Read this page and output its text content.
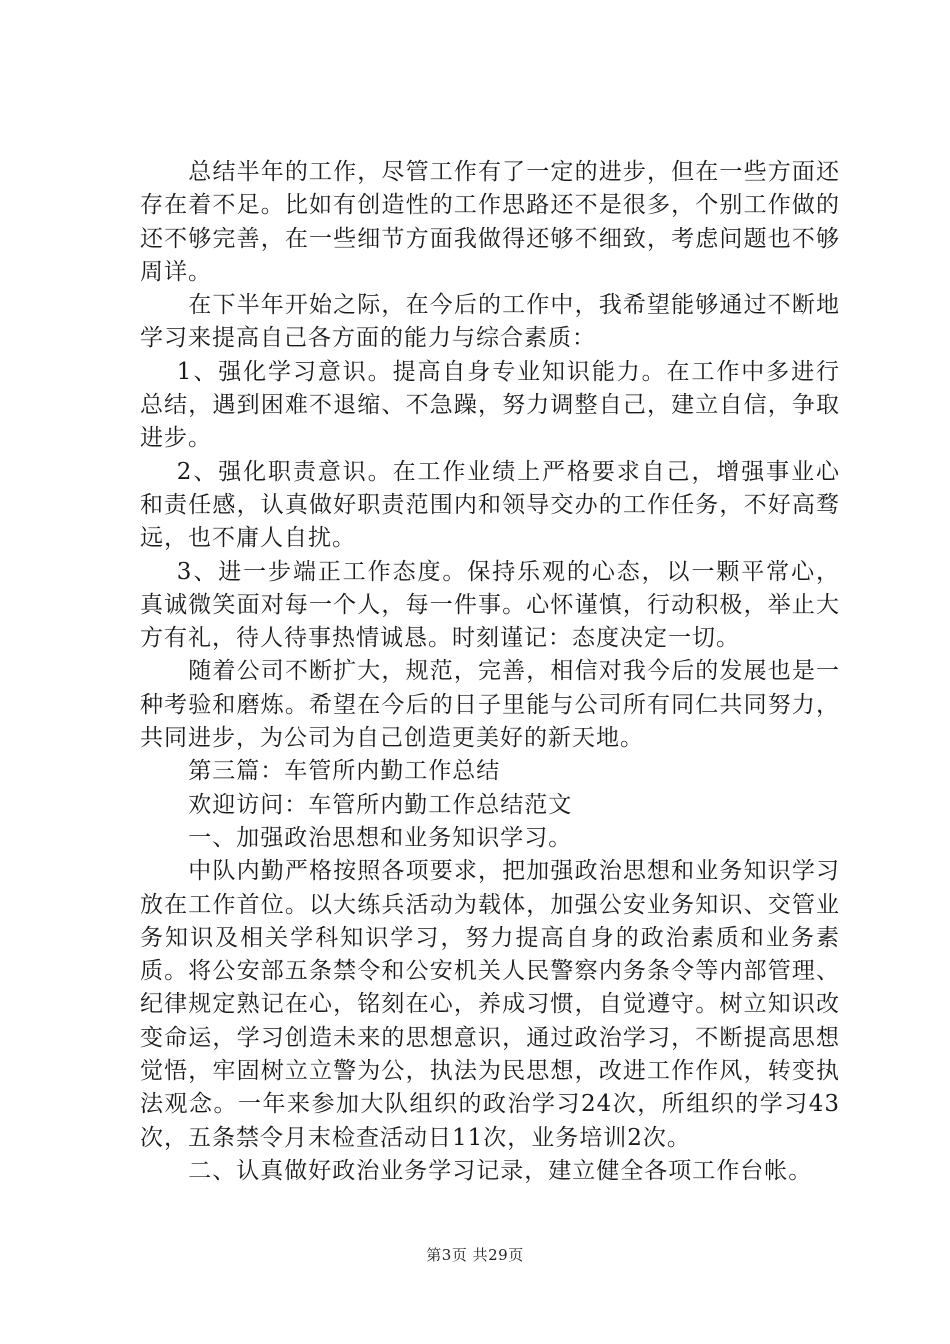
总结半年的工作，尽管工作有了一定的进步，但在一些方面还存在着不足。比如有创造性的工作思路还不是很多，个别工作做的还不够完善，在一些细节方面我做得还够不细致，考虑问题也不够周详。

在下半年开始之际，在今后的工作中，我希望能够通过不断地学习来提高自己各方面的能力与综合素质：

1、强化学习意识。提高自身专业知识能力。在工作中多进行总结，遇到困难不退缩、不急躁，努力调整自己，建立自信，争取进步。

2、强化职责意识。在工作业绩上严格要求自己，增强事业心和责任感，认真做好职责范围内和领导交办的工作任务，不好高骛远，也不庸人自扰。

3、进一步端正工作态度。保持乐观的心态，以一颗平常心，真诚微笑面对每一个人，每一件事。心怀谨慎，行动积极，举止大方有礼，待人待事热情诚恳。时刻谨记：态度决定一切。

随着公司不断扩大，规范，完善，相信对我今后的发展也是一种考验和磨炼。希望在今后的日子里能与公司所有同仁共同努力，共同进步，为公司为自己创造更美好的新天地。

第三篇：车管所内勤工作总结

欢迎访问：车管所内勤工作总结范文

一、加强政治思想和业务知识学习。

中队内勤严格按照各项要求，把加强政治思想和业务知识学习放在工作首位。以大练兵活动为载体，加强公安业务知识、交管业务知识及相关学科知识学习，努力提高自身的政治素质和业务素质。将公安部五条禁令和公安机关人民警察内务条令等内部管理、纪律规定熟记在心，铭刻在心，养成习惯，自觉遵守。树立知识改变命运，学习创造未来的思想意识，通过政治学习，不断提高思想觉悟，牢固树立立警为公，执法为民思想，改进工作作风，转变执法观念。一年来参加大队组织的政治学习24次，所组织的学习43次，五条禁令月末检查活动日11次，业务培训2次。

二、认真做好政治业务学习记录，建立健全各项工作台帐。

第3页 共29页
